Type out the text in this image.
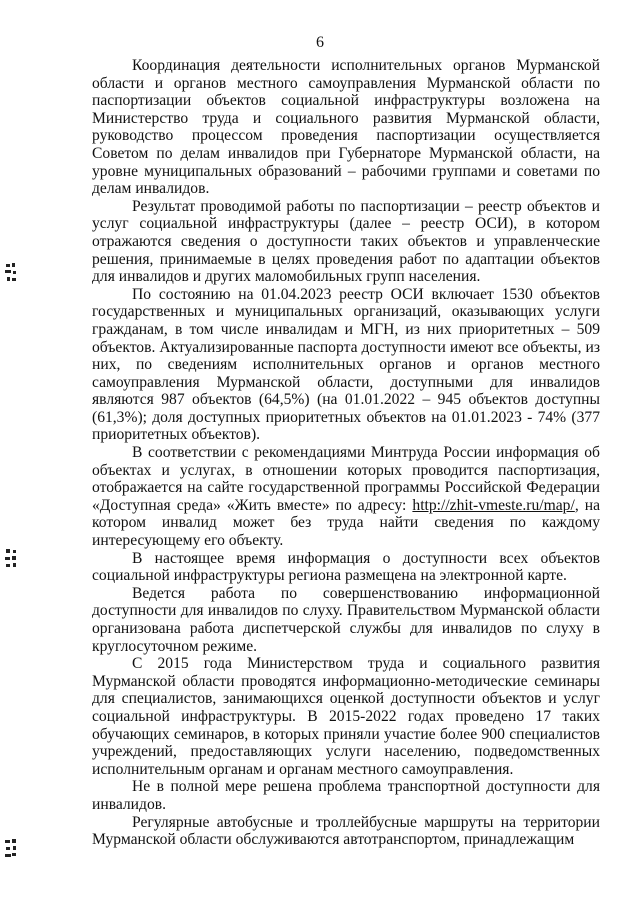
6

Координация деятельности исполнительных органов Мурманской области и органов местного самоуправления Мурманской области по паспортизации объектов социальной инфраструктуры возложена на Министерство труда и социального развития Мурманской области, руководство процессом проведения паспортизации осуществляется Советом по делам инвалидов при Губернаторе Мурманской области, на уровне муниципальных образований – рабочими группами и советами по делам инвалидов.

Результат проводимой работы по паспортизации – реестр объектов и услуг социальной инфраструктуры (далее – реестр ОСИ), в котором отражаются сведения о доступности таких объектов и управленческие решения, принимаемые в целях проведения работ по адаптации объектов для инвалидов и других маломобильных групп населения.

По состоянию на 01.04.2023 реестр ОСИ включает 1530 объектов государственных и муниципальных организаций, оказывающих услуги гражданам, в том числе инвалидам и МГН, из них приоритетных – 509 объектов. Актуализированные паспорта доступности имеют все объекты, из них, по сведениям исполнительных органов и органов местного самоуправления Мурманской области, доступными для инвалидов являются 987 объектов (64,5%) (на 01.01.2022 – 945 объектов доступны (61,3%); доля доступных приоритетных объектов на 01.01.2023 - 74% (377 приоритетных объектов).

В соответствии с рекомендациями Минтруда России информация об объектах и услугах, в отношении которых проводится паспортизация, отображается на сайте государственной программы Российской Федерации «Доступная среда» «Жить вместе» по адресу: http://zhit-vmeste.ru/map/, на котором инвалид может без труда найти сведения по каждому интересующему его объекту.

В настоящее время информация о доступности всех объектов социальной инфраструктуры региона размещена на электронной карте.

Ведется работа по совершенствованию информационной доступности для инвалидов по слуху. Правительством Мурманской области организована работа диспетчерской службы для инвалидов по слуху в круглосуточном режиме.

С 2015 года Министерством труда и социального развития Мурманской области проводятся информационно-методические семинары для специалистов, занимающихся оценкой доступности объектов и услуг социальной инфраструктуры. В 2015-2022 годах проведено 17 таких обучающих семинаров, в которых приняли участие более 900 специалистов учреждений, предоставляющих услуги населению, подведомственных исполнительным органам и органам местного самоуправления.

Не в полной мере решена проблема транспортной доступности для инвалидов.

Регулярные автобусные и троллейбусные маршруты на территории Мурманской области обслуживаются автотранспортом, принадлежащим
